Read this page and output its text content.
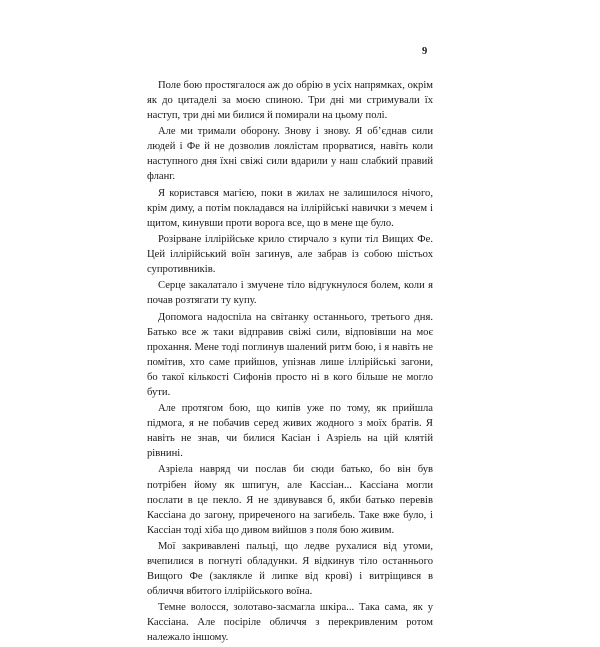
9

Поле бою простягалося аж до обрію в усіх напрямках, окрім як до цитаделі за моєю спиною. Три дні ми стримували їх наступ, три дні ми билися й помирали на цьому полі.

Але ми тримали оборону. Знову і знову. Я об’єднав сили людей і Фе й не дозволив лоялістам прорватися, навіть коли наступного дня їхні свіжі сили вдарили у наш слабкий правий фланг.

Я користався магією, поки в жилах не залишилося нічого, крім диму, а потім покладався на іллірійські навички з мечем і щитом, кинувши проти ворога все, що в мене ще було.

Розірване іллірійське крило стирчало з купи тіл Вищих Фе. Цей іллірійський воїн загинув, але забрав із собою шістьох супротивників.

Серце закалатало і змучене тіло відгукнулося болем, коли я почав розтягати ту купу.

Допомога надоспіла на світанку останнього, третього дня. Батько все ж таки відправив свіжі сили, відповівши на моє прохання. Мене тоді поглинув шалений ритм бою, і я навіть не помітив, хто саме прийшов, упізнав лише іллірійські загони, бо такої кількості Сифонів просто ні в кого більше не могло бути.

Але протягом бою, що кипів уже по тому, як прийшла підмога, я не побачив серед живих жодного з моїх братів. Я навіть не знав, чи билися Касіан і Азріель на цій клятій рівнині.

Азріела навряд чи послав би сюди батько, бо він був потрібен йому як шпигун, але Кассіан... Кассіана могли послати в це пекло. Я не здивувався б, якби батько перевів Кассіана до загону, приреченого на загибель. Таке вже було, і Кассіан тоді хіба що дивом вийшов з поля бою живим.

Мої закривавлені пальці, що ледве рухалися від утоми, вчепилися в погнуті обладунки. Я відкинув тіло останнього Вищого Фе (заклякле й липке від крові) і витріщився в обличчя вбитого іллірійського воїна.

Темне волосся, золотаво-засмагла шкіра... Така сама, як у Кассіана. Але посіріле обличчя з перекривленим ротом належало іншому.
